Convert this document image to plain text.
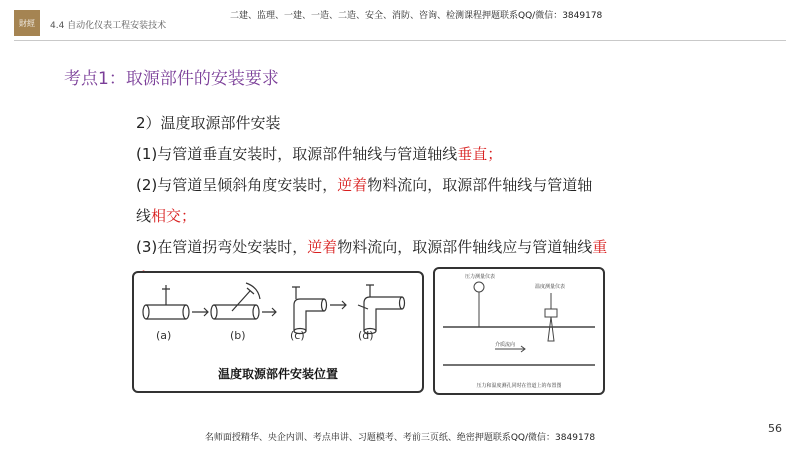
財經	4.4 自动化仪表工程安装技术
二建、监理、一建、一造、二造、安全、消防、咨询、检测课程押题联系QQ/微信：3849178
考点1：取源部件的安装要求
2）温度取源部件安装
(1)与管道垂直安装时，取源部件轴线与管道轴线垂直；
(2)与管道呈倾斜角度安装时，逆着物料流向，取源部件轴线与管道轴
线相交；
(3)在管道拐弯处安装时，逆着物料流向，取源部件轴线应与管道轴线重
(a)	(b)	(c)	(d)
温度取源部件安装位置
压力测量仪表
温度测量仪表
介质流向
压力和温度测孔同时在管道上的布置图
56
名师面授精华、央企内训、考点串讲、习题模考、考前三页纸、绝密押题联系QQ/微信：3849178
